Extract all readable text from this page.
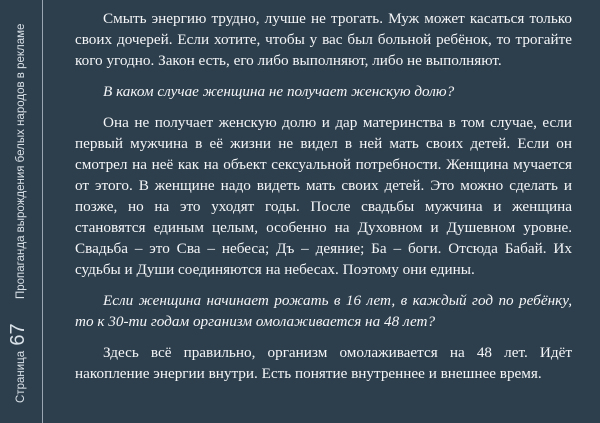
Страница 67  Пропаганда вырождения белых народов в рекламе

Смыть энергию трудно, лучше не трогать. Муж может касаться только своих дочерей. Если хотите, чтобы у вас был больной ребёнок, то трогайте кого угодно. Закон есть, его либо выполняют, либо не выполняют.

В каком случае женщина не получает женскую долю?

Она не получает женскую долю и дар материнства в том случае, если первый мужчина в её жизни не видел в ней мать своих детей. Если он смотрел на неё как на объект сексуальной потребности. Женщина мучается от этого. В женщине надо видеть мать своих детей. Это можно сделать и позже, но на это уходят годы. После свадьбы мужчина и женщина становятся единым целым, особенно на Духовном и Душевном уровне. Свадьба – это Сва – небеса; Дъ – деяние; Ба – боги. Отсюда Бабай. Их судьбы и Души соединяются на небесах. Поэтому они едины.

Если женщина начинает рожать в 16 лет, в каждый год по ребёнку, то к 30-ти годам организм омолаживается на 48 лет?

Здесь всё правильно, организм омолаживается на 48 лет. Идёт накопление энергии внутри. Есть понятие внутреннее и внешнее время.
